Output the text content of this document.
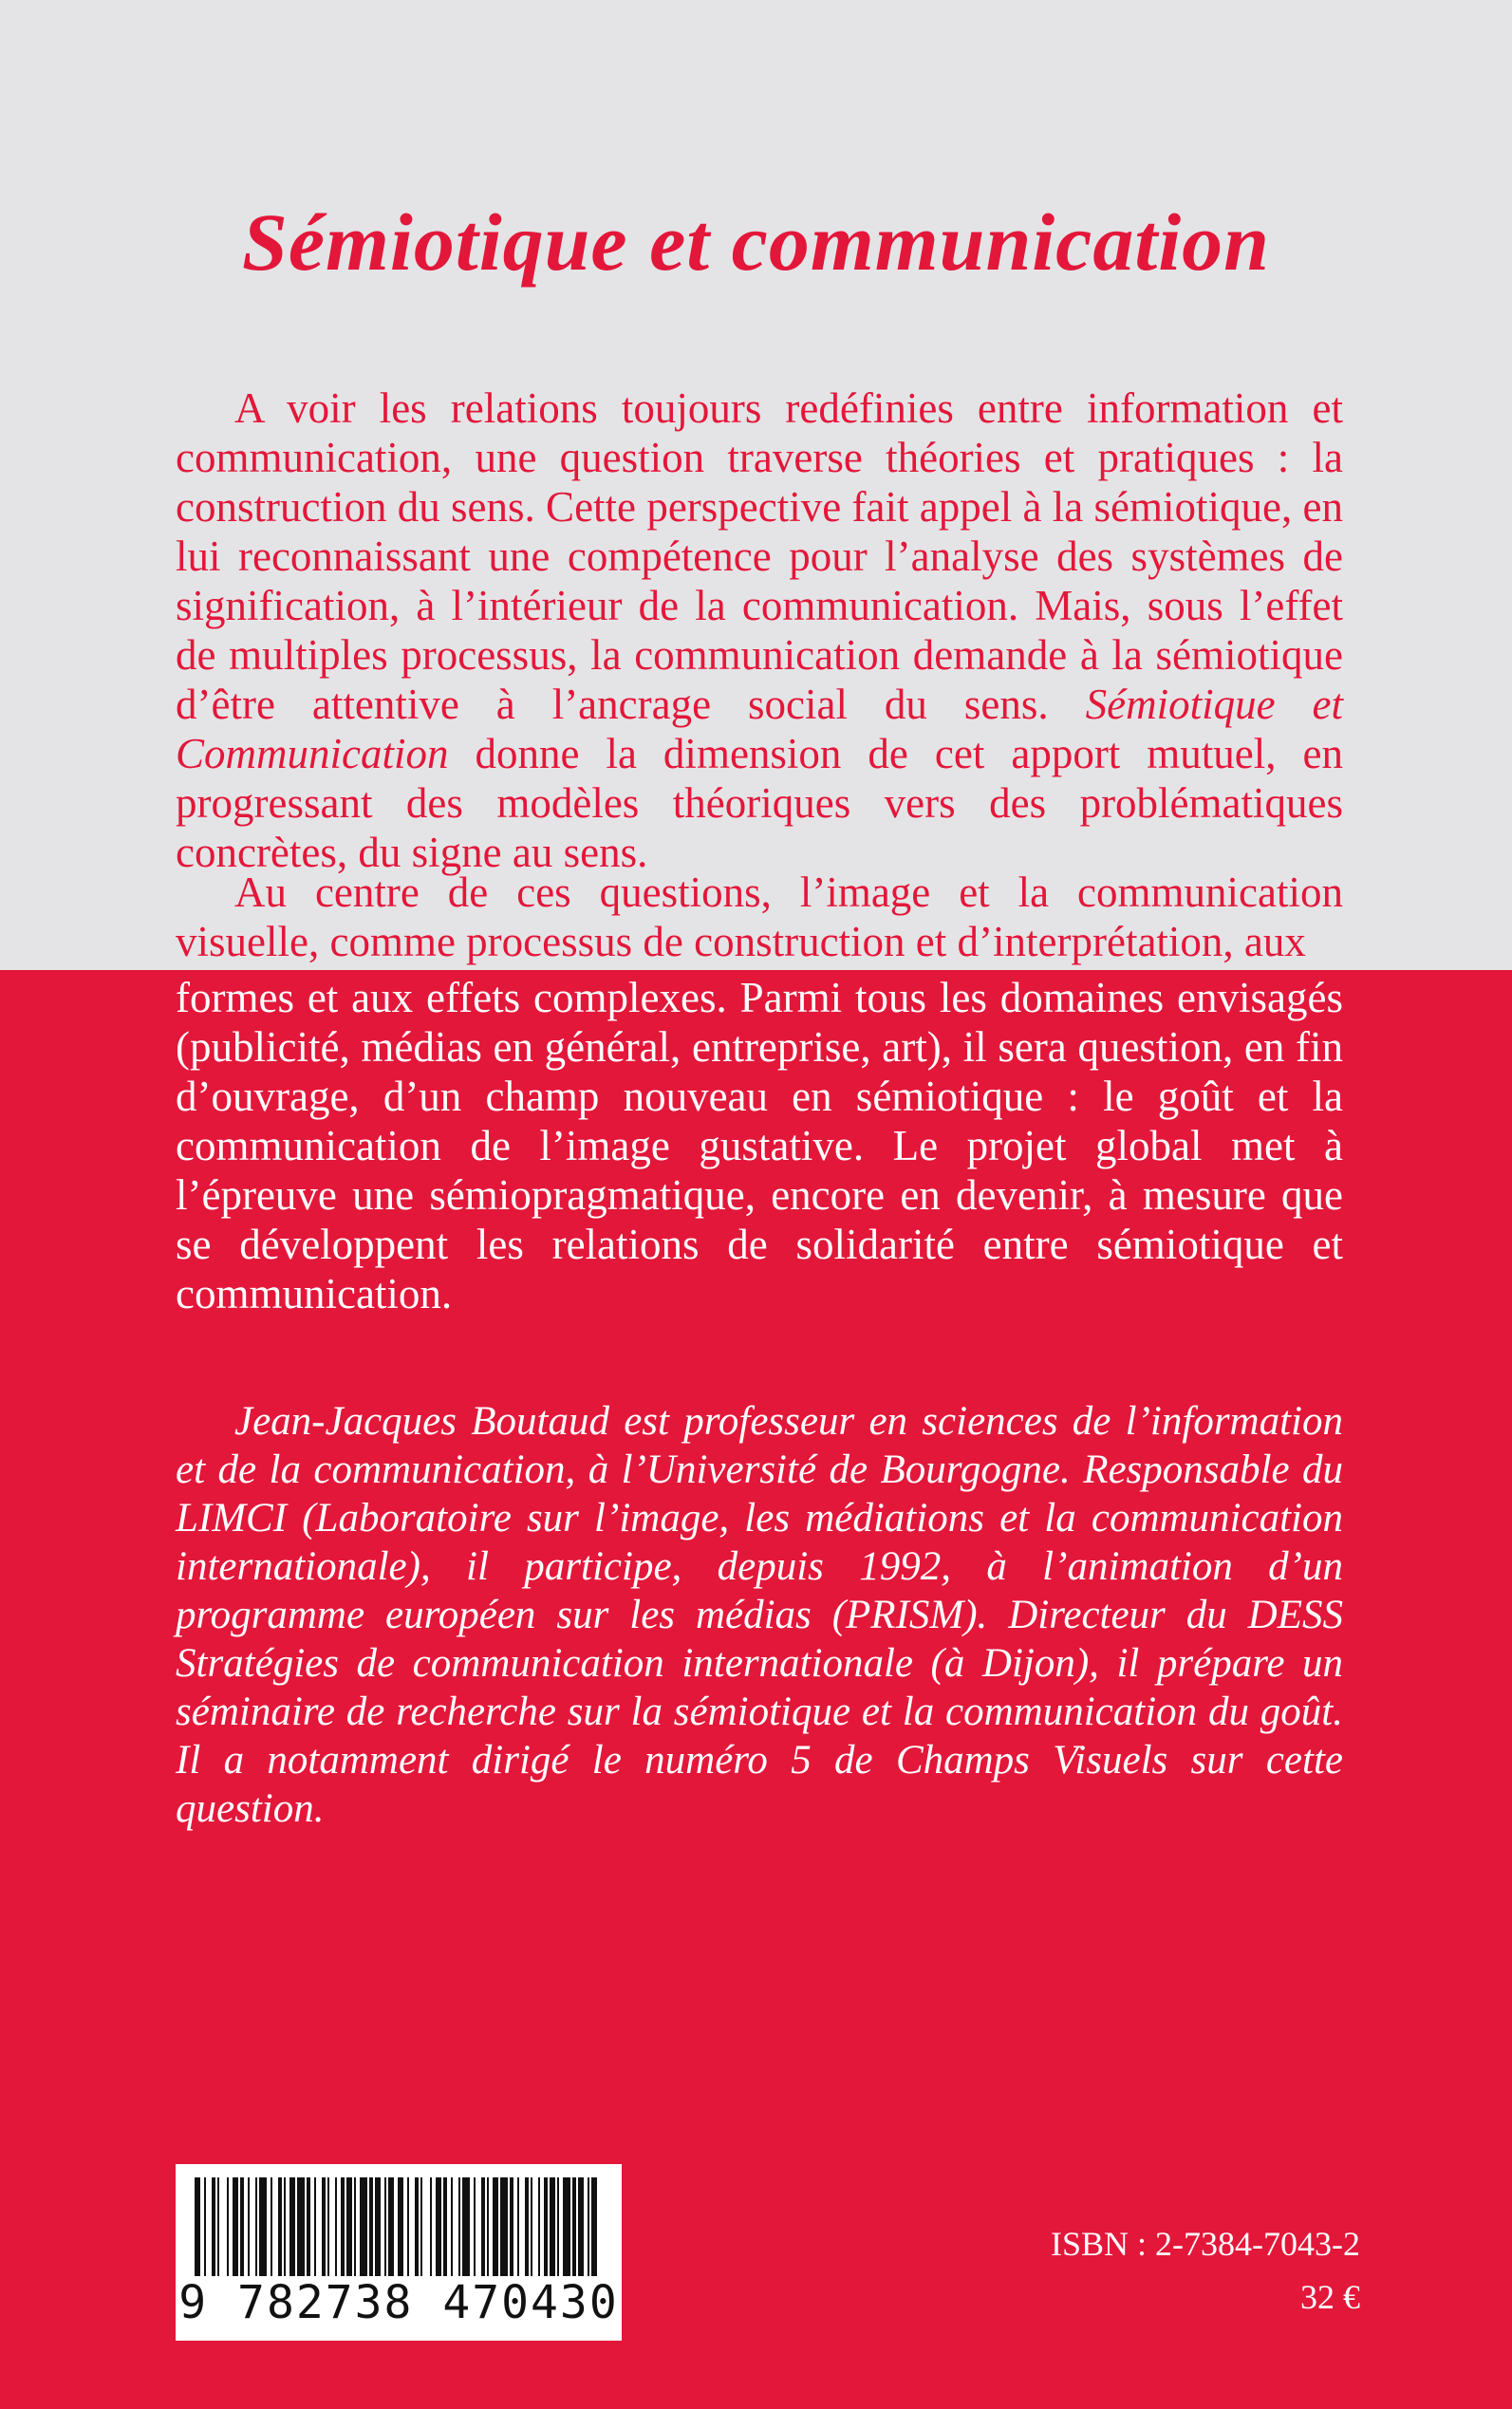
Sémiotique et communication

A voir les relations toujours redéfinies entre information et communication, une question traverse théories et pratiques : la construction du sens. Cette perspective fait appel à la sémiotique, en lui reconnaissant une compétence pour l’analyse des systèmes de signification, à l’intérieur de la communication. Mais, sous l’effet de multiples processus, la communication demande à la sémiotique d’être attentive à l’ancrage social du sens. Sémiotique et Communication donne la dimension de cet apport mutuel, en progressant des modèles théoriques vers des problématiques concrètes, du signe au sens.

Au centre de ces questions, l’image et la communication visuelle, comme processus de construction et d’interprétation, aux

formes et aux effets complexes. Parmi tous les domaines envisagés (publicité, médias en général, entreprise, art), il sera question, en fin d’ouvrage, d’un champ nouveau en sémiotique : le goût et la communication de l’image gustative. Le projet global met à l’épreuve une sémiopragmatique, encore en devenir, à mesure que se développent les relations de solidarité entre sémiotique et communication.

Jean-Jacques Boutaud est professeur en sciences de l’information et de la communication, à l’Université de Bourgogne. Responsable du LIMCI (Laboratoire sur l’image, les médiations et la communication internationale), il participe, depuis 1992, à l’animation d’un programme européen sur les médias (PRISM). Directeur du DESS Stratégies de communication internationale (à Dijon), il prépare un séminaire de recherche sur la sémiotique et la communication du goût. Il a notamment dirigé le numéro 5 de Champs Visuels sur cette question.

9 782738 470430
ISBN : 2-7384-7043-2
32 €
